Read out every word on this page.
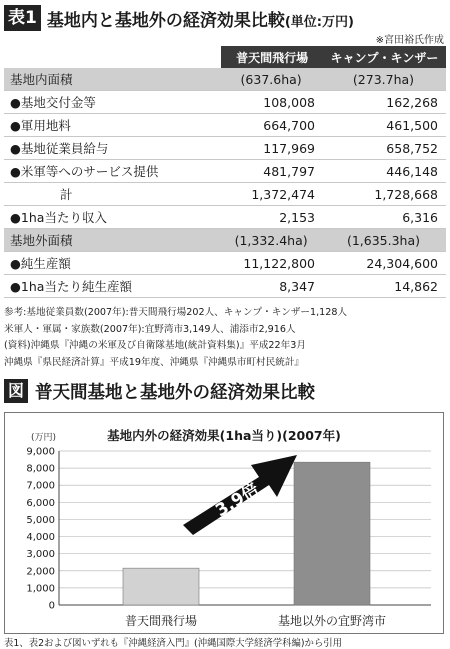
表1 基地内と基地外の経済効果比較(単位:万円)
※宮田裕氏作成
	普天間飛行場	キャンプ・キンザー
基地内面積	(637.6ha)	(273.7ha)
●基地交付金等	108,008	162,268
●軍用地料	664,700	461,500
●基地従業員給与	117,969	658,752
●米軍等へのサービス提供	481,797	446,148
計	1,372,474	1,728,668
●1ha当たり収入	2,153	6,316
基地外面積	(1,332.4ha)	(1,635.3ha)
●純生産額	11,122,800	24,304,600
●1ha当たり純生産額	8,347	14,862
参考:基地従業員数(2007年):普天間飛行場202人、キャンプ・キンザー1,128人
米軍人・軍属・家族数(2007年):宜野湾市3,149人、浦添市2,916人
(資料)沖縄県『沖縄の米軍及び自衛隊基地(統計資料集)』平成22年3月
沖縄県『県民経済計算』平成19年度、沖縄県『沖縄県市町村民統計』
図 普天間基地と基地外の経済効果比較
基地内外の経済効果(1ha当り)(2007年)
(万円)
0
1,000
2,000
3,000
4,000
5,000
6,000
7,000
8,000
9,000
普天間飛行場	基地以外の宜野湾市
3.9倍
表1、表2および図いずれも『沖縄経済入門』(沖縄国際大学経済学科編)から引用
